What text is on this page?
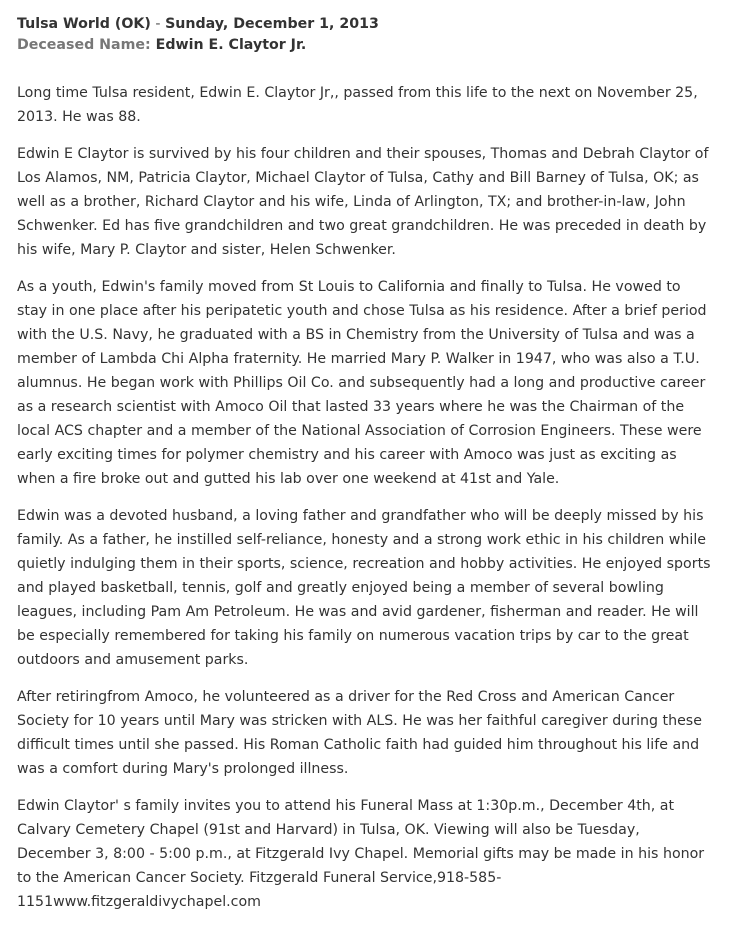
Tulsa World (OK) - Sunday, December 1, 2013

Deceased Name: Edwin E. Claytor Jr.

Long time Tulsa resident, Edwin E. Claytor Jr,, passed from this life to the next on November 25, 2013. He was 88.

Edwin E Claytor is survived by his four children and their spouses, Thomas and Debrah Claytor of Los Alamos, NM, Patricia Claytor, Michael Claytor of Tulsa, Cathy and Bill Barney of Tulsa, OK; as well as a brother, Richard Claytor and his wife, Linda of Arlington, TX; and brother-in-law, John Schwenker. Ed has five grandchildren and two great grandchildren. He was preceded in death by his wife, Mary P. Claytor and sister, Helen Schwenker.

As a youth, Edwin's family moved from St Louis to California and finally to Tulsa. He vowed to stay in one place after his peripatetic youth and chose Tulsa as his residence. After a brief period with the U.S. Navy, he graduated with a BS in Chemistry from the University of Tulsa and was a member of Lambda Chi Alpha fraternity. He married Mary P. Walker in 1947, who was also a T.U. alumnus. He began work with Phillips Oil Co. and subsequently had a long and productive career as a research scientist with Amoco Oil that lasted 33 years where he was the Chairman of the local ACS chapter and a member of the National Association of Corrosion Engineers. These were early exciting times for polymer chemistry and his career with Amoco was just as exciting as when a fire broke out and gutted his lab over one weekend at 41st and Yale.

Edwin was a devoted husband, a loving father and grandfather who will be deeply missed by his family. As a father, he instilled self-reliance, honesty and a strong work ethic in his children while quietly indulging them in their sports, science, recreation and hobby activities. He enjoyed sports and played basketball, tennis, golf and greatly enjoyed being a member of several bowling leagues, including Pam Am Petroleum. He was and avid gardener, fisherman and reader. He will be especially remembered for taking his family on numerous vacation trips by car to the great outdoors and amusement parks.

After retiringfrom Amoco, he volunteered as a driver for the Red Cross and American Cancer Society for 10 years until Mary was stricken with ALS. He was her faithful caregiver during these difficult times until she passed. His Roman Catholic faith had guided him throughout his life and was a comfort during Mary's prolonged illness.

Edwin Claytor' s family invites you to attend his Funeral Mass at 1:30p.m., December 4th, at Calvary Cemetery Chapel (91st and Harvard) in Tulsa, OK. Viewing will also be Tuesday, December 3, 8:00 - 5:00 p.m., at Fitzgerald Ivy Chapel. Memorial gifts may be made in his honor to the American Cancer Society. Fitzgerald Funeral Service,918-585-1151www.fitzgeraldivychapel.com
